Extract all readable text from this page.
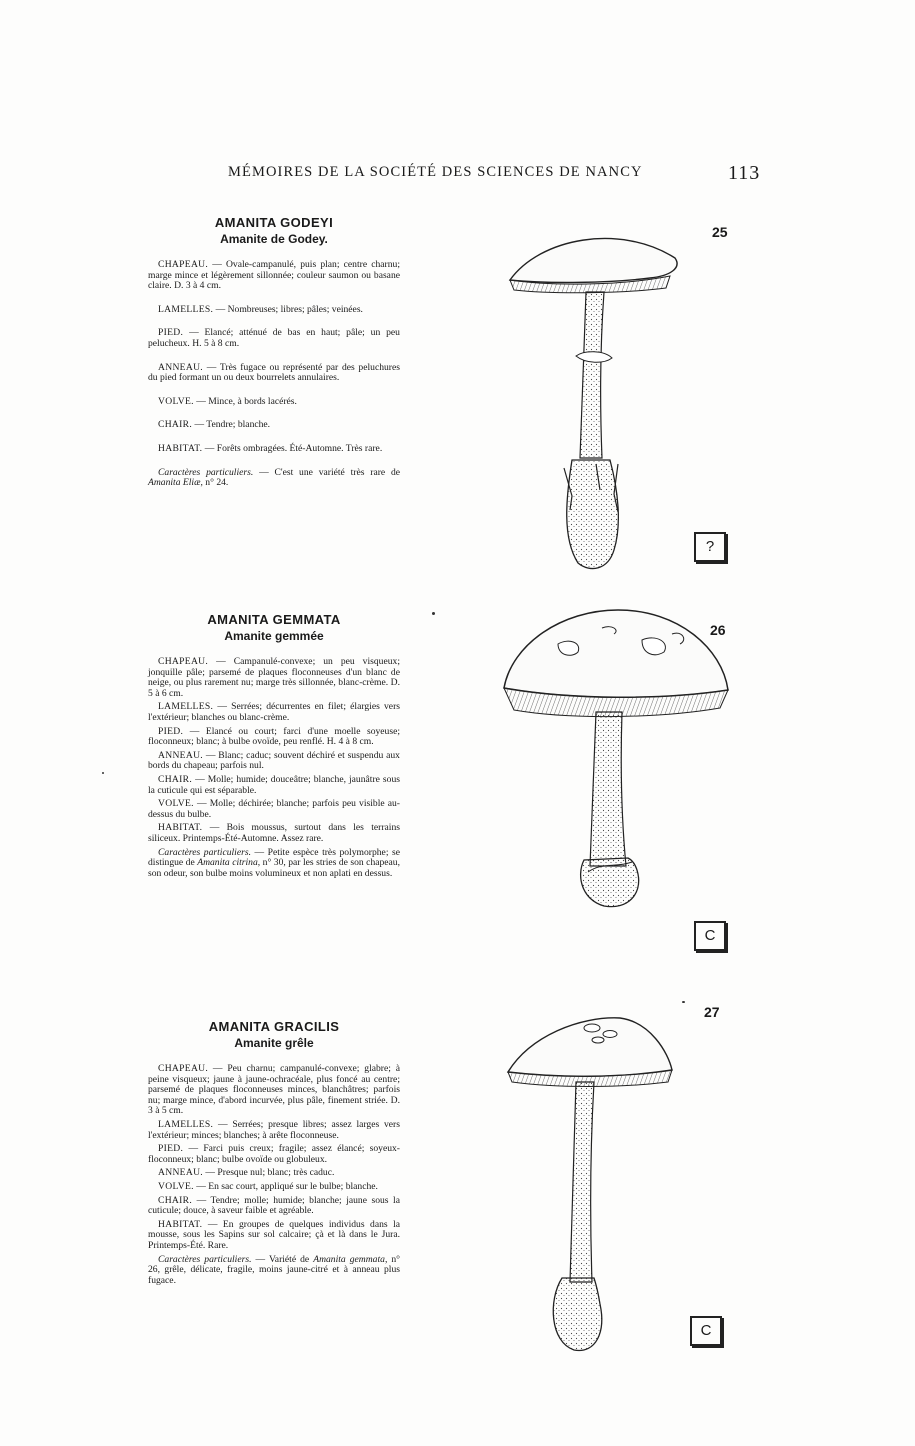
MÉMOIRES DE LA SOCIÉTÉ DES SCIENCES DE NANCY	113
AMANITA GODEYI
Amanite de Godey.

CHAPEAU. — Ovale-campanulé, puis plan; centre charnu; marge mince et légèrement sillonnée; couleur saumon ou basane claire. D. 3 à 4 cm.

LAMELLES. — Nombreuses; libres; pâles; veinées.

PIED. — Elancé; atténué de bas en haut; pâle; un peu pelucheux. H. 5 à 8 cm.

ANNEAU. — Très fugace ou représenté par des peluchures du pied formant un ou deux bourrelets annulaires.

VOLVE. — Mince, à bords lacérés.

CHAIR. — Tendre; blanche.

HABITAT. — Forêts ombragées. Été-Automne. Très rare.

Caractères particuliers. — C'est une variété très rare de Amanita Eliæ, n° 24.

AMANITA GEMMATA
Amanite gemmée

CHAPEAU. — Campanulé-convexe; un peu visqueux; jonquille pâle; parsemé de plaques floconneuses d'un blanc de neige, ou plus rarement nu; marge très sillonnée, blanc-crème. D. 5 à 6 cm.

LAMELLES. — Serrées; décurrentes en filet; élargies vers l'extérieur; blanches ou blanc-crème.

PIED. — Elancé ou court; farci d'une moelle soyeuse; floconneux; blanc; à bulbe ovoïde, peu renflé. H. 4 à 8 cm.

ANNEAU. — Blanc; caduc; souvent déchiré et suspendu aux bords du chapeau; parfois nul.

CHAIR. — Molle; humide; douceâtre; blanche, jaunâtre sous la cuticule qui est séparable.

VOLVE. — Molle; déchirée; blanche; parfois peu visible au-dessus du bulbe.

HABITAT. — Bois moussus, surtout dans les terrains siliceux. Printemps-Été-Automne. Assez rare.

Caractères particuliers. — Petite espèce très polymorphe; se distingue de Amanita citrina, n° 30, par les stries de son chapeau, son odeur, son bulbe moins volumineux et non aplati en dessus.

AMANITA GRACILIS
Amanite grêle

CHAPEAU. — Peu charnu; campanulé-convexe; glabre; à peine visqueux; jaune à jaune-ochracéale, plus foncé au centre; parsemé de plaques floconneuses minces, blanchâtres; parfois nu; marge mince, d'abord incurvée, plus pâle, finement striée. D. 3 à 5 cm.

LAMELLES. — Serrées; presque libres; assez larges vers l'extérieur; minces; blanches; à arête floconneuse.

PIED. — Farci puis creux; fragile; assez élancé; soyeux-floconneux; blanc; bulbe ovoïde ou globuleux.

ANNEAU. — Presque nul; blanc; très caduc.

VOLVE. — En sac court, appliqué sur le bulbe; blanche.

CHAIR. — Tendre; molle; humide; blanche; jaune sous la cuticule; douce, à saveur faible et agréable.

HABITAT. — En groupes de quelques individus dans la mousse, sous les Sapins sur sol calcaire; çà et là dans le Jura. Printemps-Été. Rare.

Caractères particuliers. — Variété de Amanita gemmata, n° 26, grêle, délicate, fragile, moins jaune-citré et à anneau plus fugace.

25
26
27
?
C
C
